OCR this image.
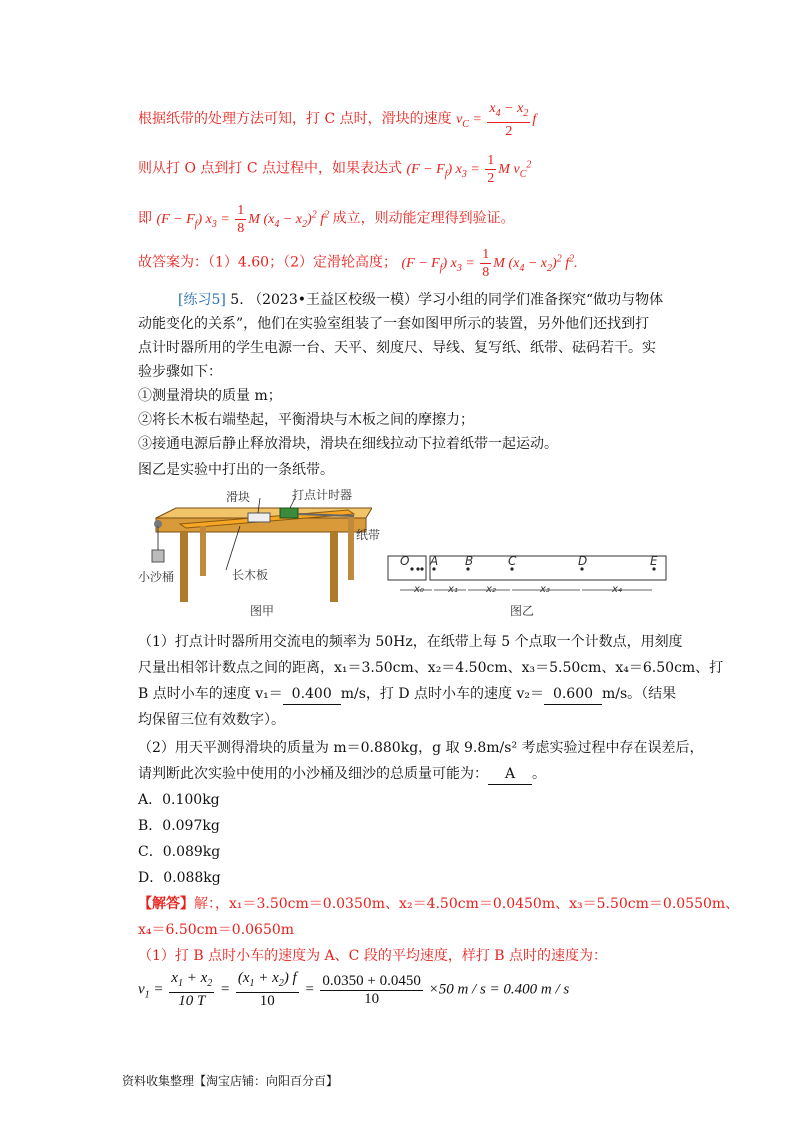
根据纸带的处理方法可知，打 C 点时，滑块的速度 $v_C = \frac{x_4 - x_2}{2}$ f
则从打 O 点到打 C 点过程中，如果表达式 $(F - F_f)$ $x_3 = \frac{1}{2}$ M $v_C^2$
即 $(F - F_f)$ $x_3 = \frac{1}{8}$ M $(x_4 - x_2)^2$ $f^2$ 成立，则动能定理得到验证。
故答案为：（1）4.60；（2）定滑轮高度； $(F - F_f)$ $x_3 = \frac{1}{8}$ M $(x_4 - x_2)^2$ $f^2$.
[练习5] 5. （2023•王益区校级一模）学习小组的同学们准备探究“做功与物体
动能变化的关系”，他们在实验室组装了一套如图甲所示的装置，另外他们还找到打
点计时器所用的学生电源一台、天平、刻度尺、导线、复写纸、纸带、砝码若干。实
验步骤如下：
①测量滑块的质量 m；
②将长木板右端垫起，平衡滑块与木板之间的摩擦力；
③接通电源后静止释放滑块，滑块在细线拉动下拉着纸带一起运动。
图乙是实验中打出的一条纸带。
滑块	打点计时器
纸带
小沙桶	长木板
图甲
O A B	C	D	E
x₀ x₁	x₂	x₃	x₄
图乙
（1）打点计时器所用交流电的频率为 50Hz，在纸带上每 5 个点取一个计数点，用刻度
尺量出相邻计数点之间的距离，x₁＝3.50cm、x₂＝4.50cm、x₃＝5.50cm、x₄＝6.50cm、打
B 点时小车的速度 v₁＝ 0.400 m/s，打 D 点时小车的速度 v₂＝ 0.600 m/s。（结果
均保留三位有效数字）。
（2）用天平测得滑块的质量为 m＝0.880kg，g 取 9.8m/s² 考虑实验过程中存在误差后，
请判断此次实验中使用的小沙桶及细沙的总质量可能为： A 。
A．0.100kg
B．0.097kg
C．0.089kg
D．0.088kg
【解答】解：，x₁＝3.50cm＝0.0350m、x₂＝4.50cm＝0.0450m、x₃＝5.50cm＝0.0550m、
x₄＝6.50cm＝0.0650m
（1）打 B 点时小车的速度为 A、C 段的平均速度，样打 B 点时的速度为：
$v_1 = \frac{x_1 + x_2}{10 T} = \frac{(x_1 + x_2) f}{10} = \frac{0.0350 + 0.0450}{10} \times 50$ m / s = 0.400 m / s
资料收集整理【淘宝店铺：向阳百分百】
